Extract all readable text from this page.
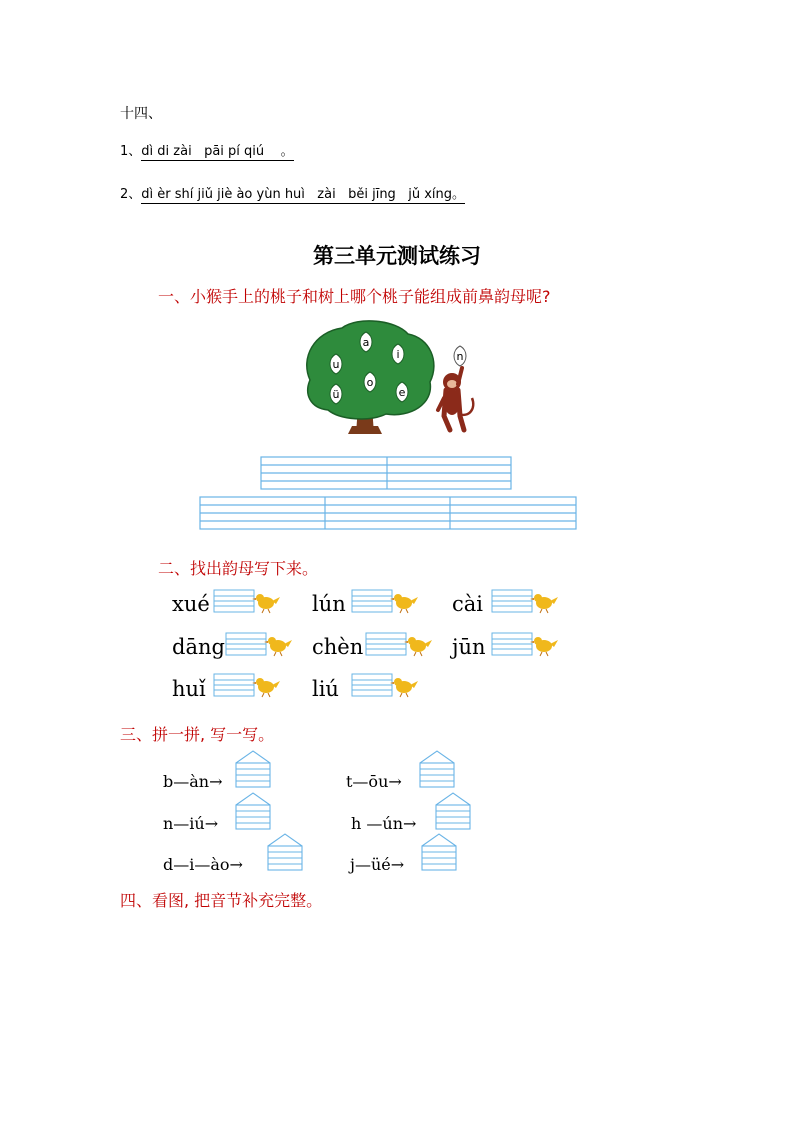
十四、
1、dì di zài   pāi pí qiú    。
2、dì èr shí jiǔ jiè ào yùn huì   zài   běi jīng   jǔ xíng。
第三单元测试练习
一、小猴手上的桃子和树上哪个桃子能组成前鼻韵母呢?
a
i
u
o
ü	e
n
二、找出韵母写下来。
xué	lún	cài
dāng	chèn	jūn
huǐ	liú
三、拼一拼, 写一写。
b—àn→	t—ōu→
n—iú→	h —ún→
d—i—ào→	j—üé→
四、看图, 把音节补充完整。
